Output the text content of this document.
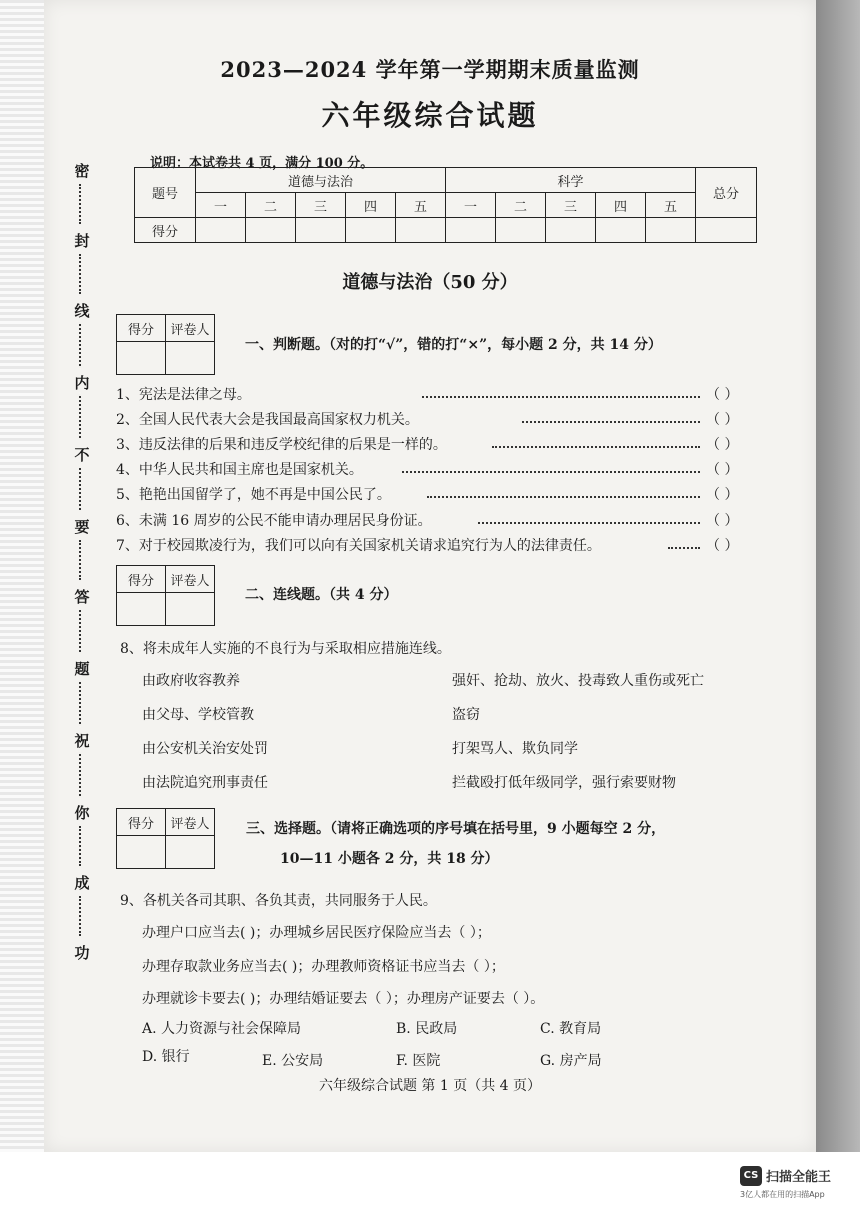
密
封
线
内
不
要
答
题
祝
你
成
功
2023—2024 学年第一学期期末质量监测
六年级综合试题
说明：本试卷共 4 页，满分 100 分。
题号	道德与法治					科学					总分
	一	二	三	四	五	一	二	三	四	五	
得分											
道德与法治（50 分）
得分	评卷人

一、判断题。（对的打“√”，错的打“×”，每小题 2 分，共 14 分）
1、宪法是法律之母。	（ ）
2、全国人民代表大会是我国最高国家权力机关。	（ ）
3、违反法律的后果和违反学校纪律的后果是一样的。	（ ）
4、中华人民共和国主席也是国家机关。	（ ）
5、艳艳出国留学了，她不再是中国公民了。	（ ）
6、未满 16 周岁的公民不能申请办理居民身份证。	（ ）
7、对于校园欺凌行为，我们可以向有关国家机关请求追究行为人的法律责任。	（ ）
得分	评卷人

二、连线题。（共 4 分）
8、将未成年人实施的不良行为与采取相应措施连线。
由政府收容教养
由父母、学校管教
由公安机关治安处罚
由法院追究刑事责任
强奸、抢劫、放火、投毒致人重伤或死亡
盗窃
打架骂人、欺负同学
拦截殴打低年级同学，强行索要财物
得分	评卷人
		三、选择题。（请将正确选项的序号填在括号里，9 小题每空 2 分，
10—11 小题各 2 分，共 18 分）
9、各机关各司其职、各负其责，共同服务于人民。
办理户口应当去( )；办理城乡居民医疗保险应当去（ ）；
办理存取款业务应当去( )；办理教师资格证书应当去（ ）；
办理就诊卡要去( )；办理结婚证要去（ ）；办理房产证要去（ ）。
A. 人力资源与社会保障局	B. 民政局	C. 教育局
D. 银行	E. 公安局	F. 医院	G. 房产局
六年级综合试题 第 1 页（共 4 页）
CS 扫描全能王
3亿人都在用的扫描App
